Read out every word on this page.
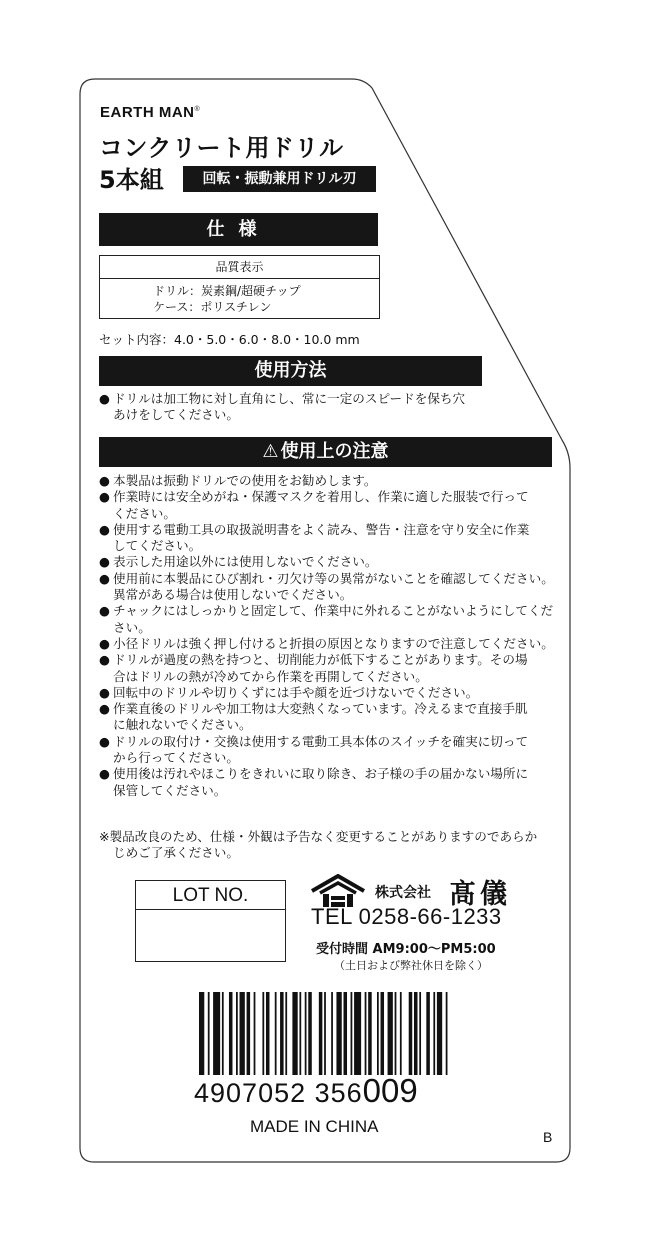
EARTH MAN®
コンクリート用ドリル
5本組	回転・振動兼用ドリル刃
仕様
品質表示
ドリル：炭素鋼/超硬チップ
ケース：ポリスチレン
セット内容：4.0・5.0・6.0・8.0・10.0 mm
使用方法
● ドリルは加工物に対し直角にし、常に一定のスピードを保ち穴
あけをしてください。
⚠ 使用上の注意
● 本製品は振動ドリルでの使用をお勧めします。
● 作業時には安全めがね・保護マスクを着用し、作業に適した服装で行って
ください。
● 使用する電動工具の取扱説明書をよく読み、警告・注意を守り安全に作業
してください。
● 表示した用途以外には使用しないでください。
● 使用前に本製品にひび割れ・刃欠け等の異常がないことを確認してください。
異常がある場合は使用しないでください。
● チャックにはしっかりと固定して、作業中に外れることがないようにしてくだ
さい。
● 小径ドリルは強く押し付けると折損の原因となりますので注意してください。
● ドリルが過度の熱を持つと、切削能力が低下することがあります。その場
合はドリルの熱が冷めてから作業を再開してください。
● 回転中のドリルや切りくずには手や顔を近づけないでください。
● 作業直後のドリルや加工物は大変熱くなっています。冷えるまで直接手肌
に触れないでください。
● ドリルの取付け・交換は使用する電動工具本体のスイッチを確実に切って
から行ってください。
● 使用後は汚れやほこりをきれいに取り除き、お子様の手の届かない場所に
保管してください。
※製品改良のため、仕様・外観は予告なく変更することがありますのであらか
じめご了承ください。
LOT NO.	株式会社 髙儀
TEL 0258-66-1233
受付時間 AM9:00〜PM5:00
（土日および弊社休日を除く）
4907052 356009
MADE IN CHINA
B
